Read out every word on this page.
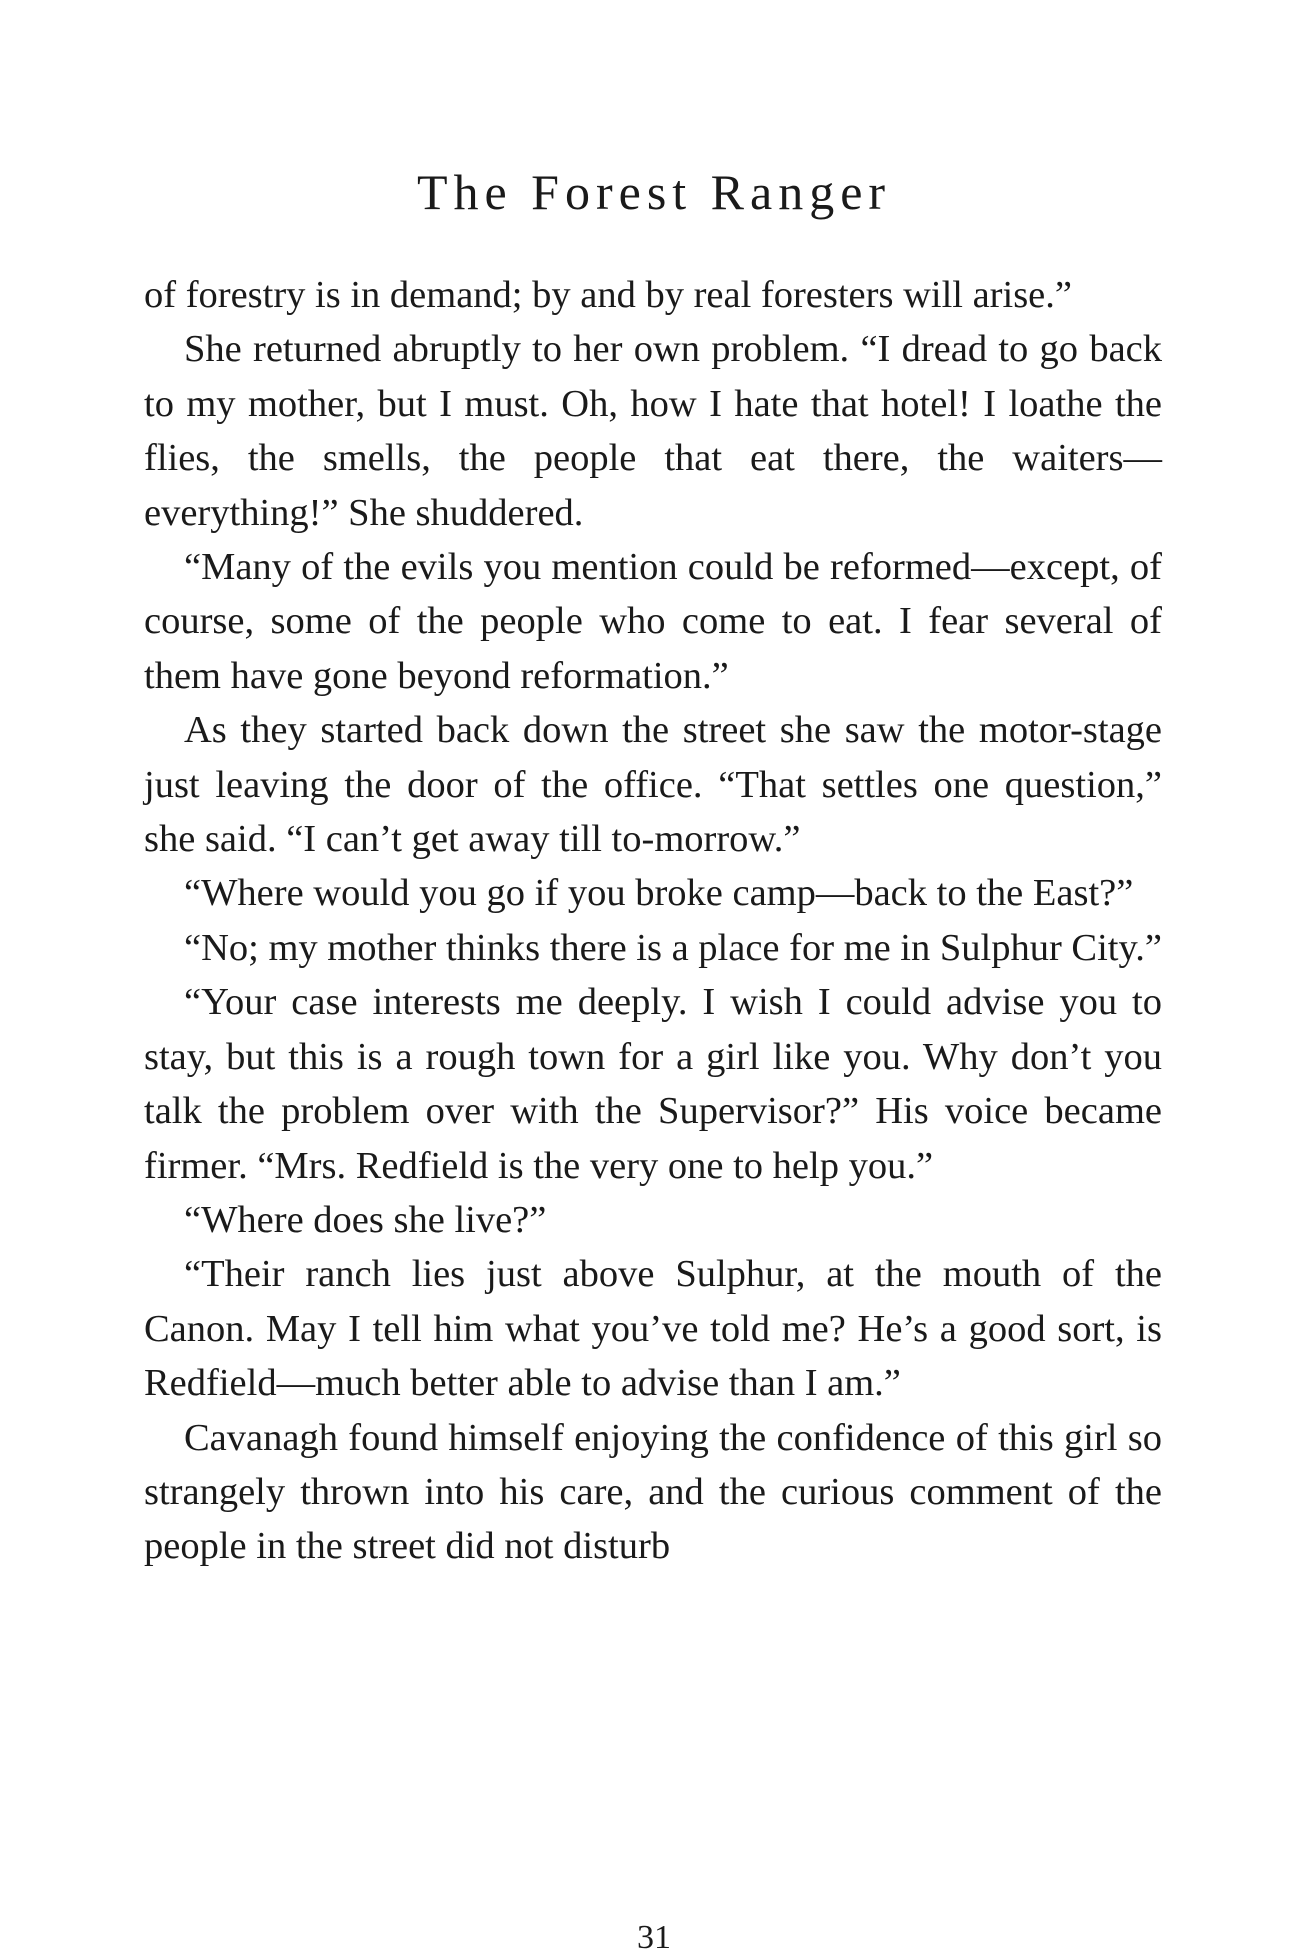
The Forest Ranger

of forestry is in demand; by and by real foresters will arise.”

She returned abruptly to her own problem. “I dread to go back to my mother, but I must. Oh, how I hate that hotel! I loathe the flies, the smells, the people that eat there, the waiters—everything!” She shuddered.

“Many of the evils you mention could be reformed—except, of course, some of the people who come to eat. I fear several of them have gone beyond reformation.”

As they started back down the street she saw the motor-stage just leaving the door of the office. “That settles one question,” she said. “I can’t get away till to-morrow.”

“Where would you go if you broke camp—back to the East?”

“No; my mother thinks there is a place for me in Sulphur City.”

“Your case interests me deeply. I wish I could advise you to stay, but this is a rough town for a girl like you. Why don’t you talk the problem over with the Supervisor?” His voice became firmer. “Mrs. Redfield is the very one to help you.”

“Where does she live?”

“Their ranch lies just above Sulphur, at the mouth of the Canon. May I tell him what you’ve told me? He’s a good sort, is Redfield—much better able to advise than I am.”

Cavanagh found himself enjoying the confidence of this girl so strangely thrown into his care, and the curious comment of the people in the street did not disturb

31
